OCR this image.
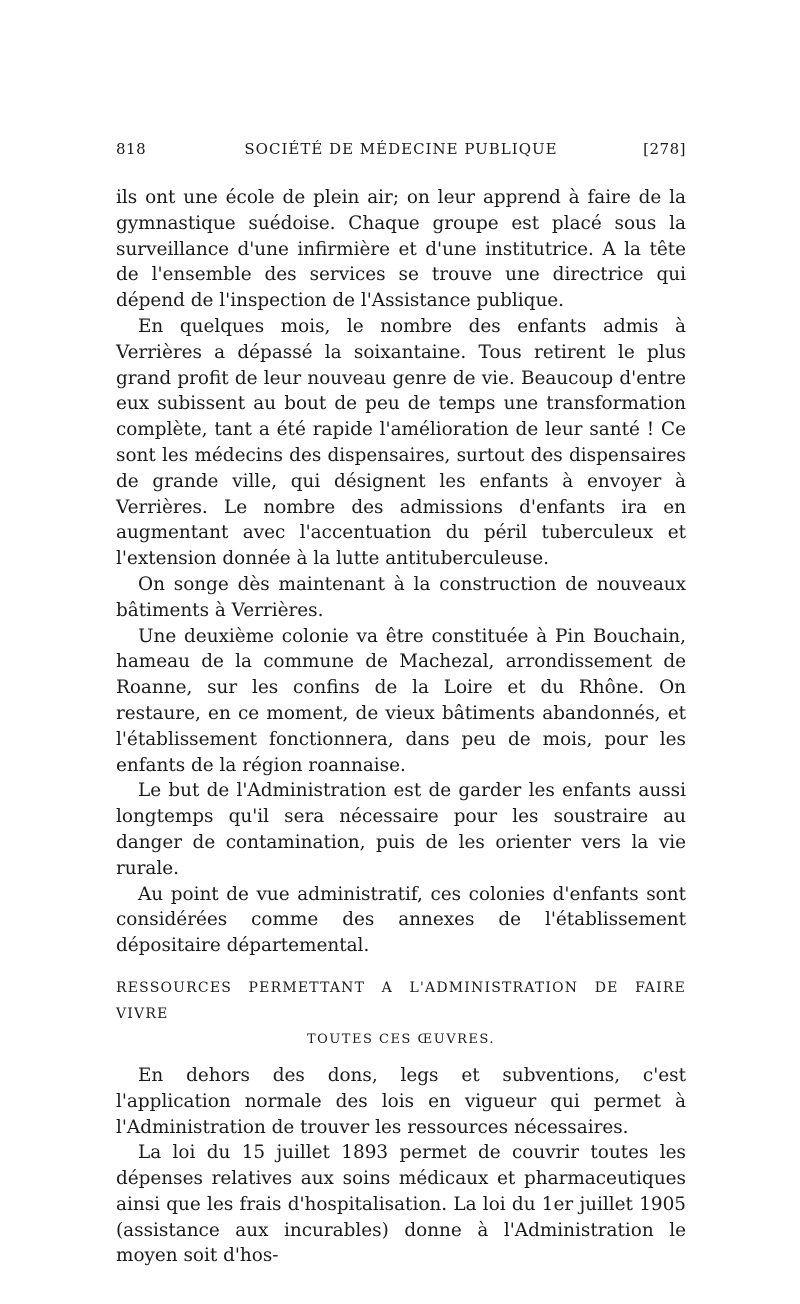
818	SOCIÉTÉ DE MÉDECINE PUBLIQUE	[278]

ils ont une école de plein air; on leur apprend à faire de la gymnastique suédoise. Chaque groupe est placé sous la surveillance d'une infirmière et d'une institutrice. A la tête de l'ensemble des services se trouve une directrice qui dépend de l'inspection de l'Assistance publique.

En quelques mois, le nombre des enfants admis à Verrières a dépassé la soixantaine. Tous retirent le plus grand profit de leur nouveau genre de vie. Beaucoup d'entre eux subissent au bout de peu de temps une transformation complète, tant a été rapide l'amélioration de leur santé ! Ce sont les médecins des dispensaires, surtout des dispensaires de grande ville, qui désignent les enfants à envoyer à Verrières. Le nombre des admissions d'enfants ira en augmentant avec l'accentuation du péril tuberculeux et l'extension donnée à la lutte antituberculeuse.

On songe dès maintenant à la construction de nouveaux bâtiments à Verrières.

Une deuxième colonie va être constituée à Pin Bouchain, hameau de la commune de Machezal, arrondissement de Roanne, sur les confins de la Loire et du Rhône. On restaure, en ce moment, de vieux bâtiments abandonnés, et l'établissement fonctionnera, dans peu de mois, pour les enfants de la région roannaise.

Le but de l'Administration est de garder les enfants aussi longtemps qu'il sera nécessaire pour les soustraire au danger de contamination, puis de les orienter vers la vie rurale.

Au point de vue administratif, ces colonies d'enfants sont considérées comme des annexes de l'établissement dépositaire départemental.

RESSOURCES PERMETTANT A L'ADMINISTRATION DE FAIRE VIVRE
TOUTES CES ŒUVRES.

En dehors des dons, legs et subventions, c'est l'application normale des lois en vigueur qui permet à l'Administration de trouver les ressources nécessaires.

La loi du 15 juillet 1893 permet de couvrir toutes les dépenses relatives aux soins médicaux et pharmaceutiques ainsi que les frais d'hospitalisation. La loi du 1er juillet 1905 (assistance aux incurables) donne à l'Administration le moyen soit d'hos-
